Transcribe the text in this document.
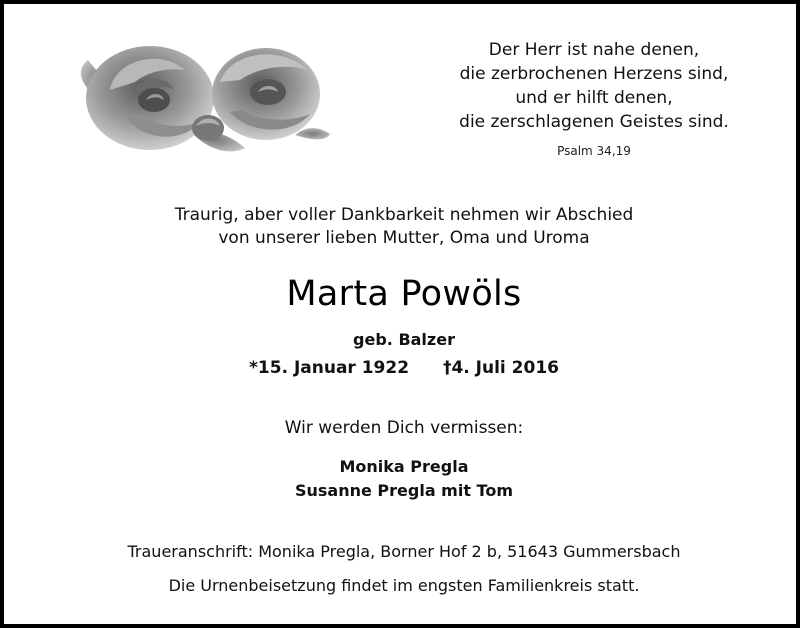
Der Herr ist nahe denen,
die zerbrochenen Herzens sind,
und er hilft denen,
die zerschlagenen Geistes sind.
Psalm 34,19
Traurig, aber voller Dankbarkeit nehmen wir Abschied
von unserer lieben Mutter, Oma und Uroma
Marta Powöls
geb. Balzer
*15. Januar 1922 †4. Juli 2016
Wir werden Dich vermissen:
Monika Pregla
Susanne Pregla mit Tom
Traueranschrift: Monika Pregla, Borner Hof 2 b, 51643 Gummersbach
Die Urnenbeisetzung findet im engsten Familienkreis statt.
